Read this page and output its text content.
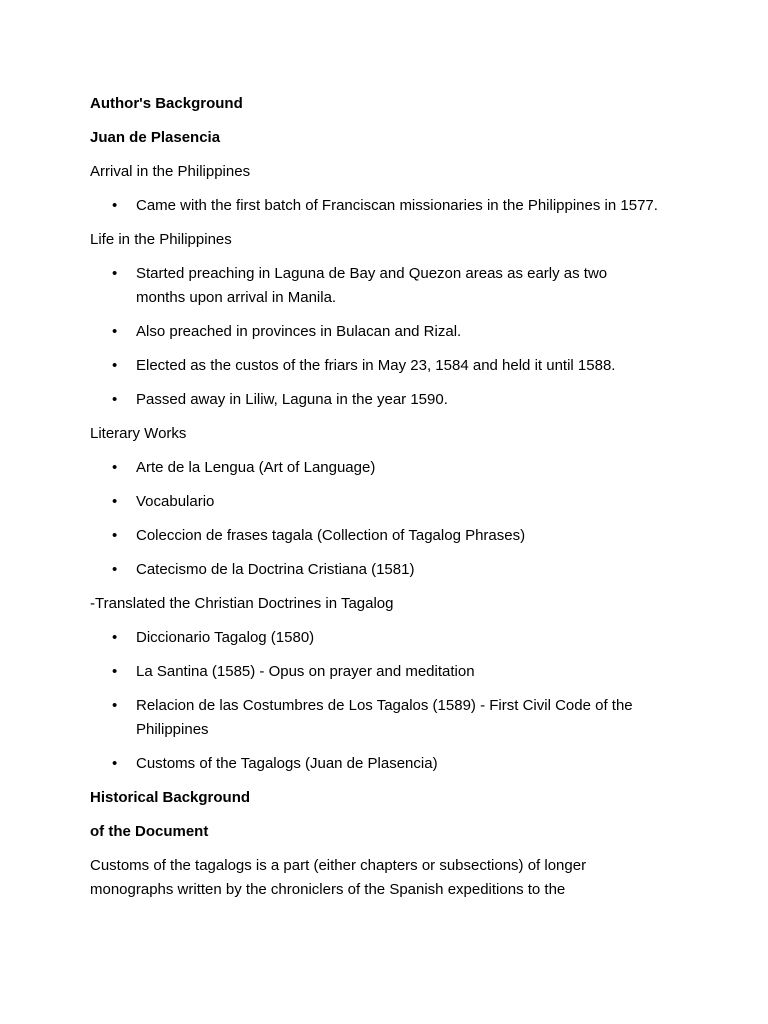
Author's Background

Juan de Plasencia

Arrival in the Philippines

• Came with the first batch of Franciscan missionaries in the Philippines in 1577.

Life in the Philippines

• Started preaching in Laguna de Bay and Quezon areas as early as two months upon arrival in Manila.
• Also preached in provinces in Bulacan and Rizal.
• Elected as the custos of the friars in May 23, 1584 and held it until 1588.
• Passed away in Liliw, Laguna in the year 1590.

Literary Works

• Arte de la Lengua (Art of Language)
• Vocabulario
• Coleccion de frases tagala (Collection of Tagalog Phrases)
• Catecismo de la Doctrina Cristiana (1581)

-Translated the Christian Doctrines in Tagalog

• Diccionario Tagalog (1580)
• La Santina (1585) - Opus on prayer and meditation
• Relacion de las Costumbres de Los Tagalos (1589) - First Civil Code of the Philippines
• Customs of the Tagalogs (Juan de Plasencia)

Historical Background

of the Document

Customs of the tagalogs is a part (either chapters or subsections) of longer monographs written by the chroniclers of the Spanish expeditions to the
